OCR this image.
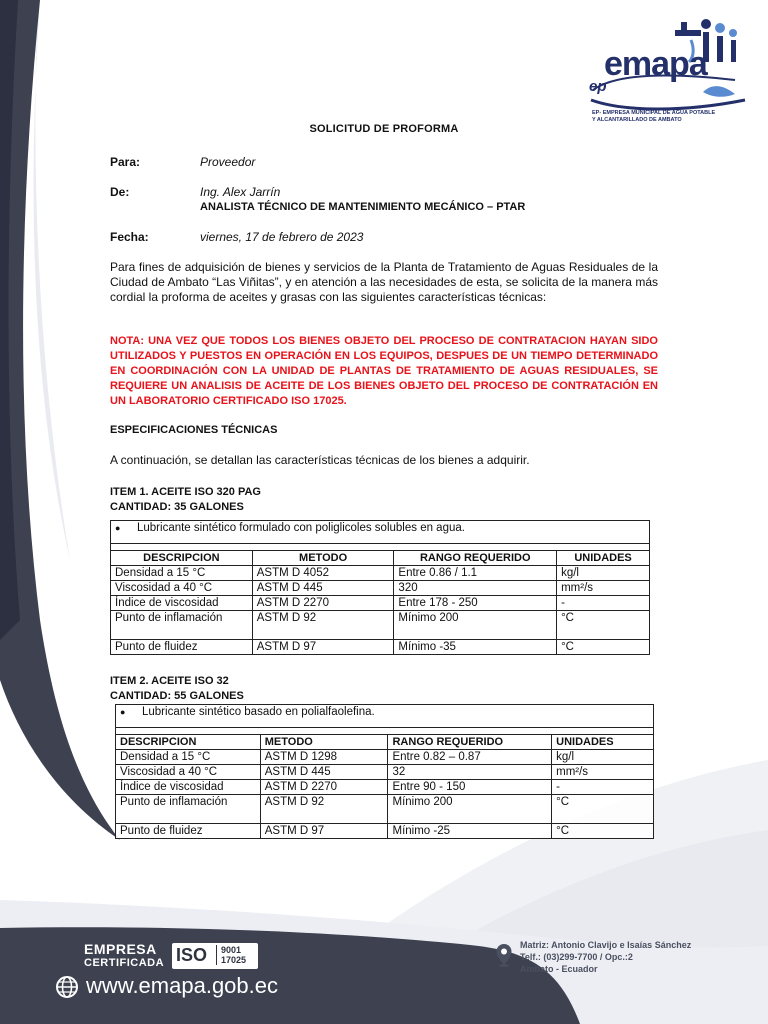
emapa
ep
EP- EMPRESA MUNICIPAL DE AGUA POTABLE
Y ALCANTARILLADO DE AMBATO
SOLICITUD DE PROFORMA
Para:	Proveedor
De:	Ing. Alex Jarrín
ANALISTA TÉCNICO DE MANTENIMIENTO MECÁNICO – PTAR
Fecha:	viernes, 17 de febrero de 2023
Para fines de adquisición de bienes y servicios de la Planta de Tratamiento de Aguas Residuales de la Ciudad de Ambato “Las Viñitas”, y en atención a las necesidades de esta, se solicita de la manera más cordial la proforma de aceites y grasas con las siguientes características técnicas:
NOTA: UNA VEZ QUE TODOS LOS BIENES OBJETO DEL PROCESO DE CONTRATACION HAYAN SIDO UTILIZADOS Y PUESTOS EN OPERACIÓN EN LOS EQUIPOS, DESPUES DE UN TIEMPO DETERMINADO EN COORDINACIÓN CON LA UNIDAD DE PLANTAS DE TRATAMIENTO DE AGUAS RESIDUALES, SE REQUIERE UN ANALISIS DE ACEITE DE LOS BIENES OBJETO DEL PROCESO DE CONTRATACIÓN EN UN LABORATORIO CERTIFICADO ISO 17025.
ESPECIFICACIONES TÉCNICAS
A continuación, se detallan las características técnicas de los bienes a adquirir.
ITEM 1. ACEITE ISO 320 PAG
CANTIDAD: 35 GALONES
● Lubricante sintético formulado con poliglicoles solubles en agua.			

DESCRIPCION	METODO	RANGO REQUERIDO	UNIDADES
Densidad a 15 °C	ASTM D 4052	Entre 0.86 / 1.1	kg/l
Viscosidad a 40 °C	ASTM D 445	320	mm²/s
Índice de viscosidad	ASTM D 2270	Entre 178 - 250	-
Punto de inflamación	ASTM D 92	Mínimo 200	°C
Punto de fluidez	ASTM D 97	Mínimo -35	°C
ITEM 2. ACEITE ISO 32
CANTIDAD: 55 GALONES
● Lubricante sintético basado en polialfaolefina.			

DESCRIPCION	METODO	RANGO REQUERIDO	UNIDADES
Densidad a 15 °C	ASTM D 1298	Entre 0.82 – 0.87	kg/l
Viscosidad a 40 °C	ASTM D 445	32	mm²/s
Índice de viscosidad	ASTM D 2270	Entre 90 - 150	-
Punto de inflamación	ASTM D 92	Mínimo 200	°C
Punto de fluidez	ASTM D 97	Mínimo -25	°C
EMPRESA
CERTIFICADA ISO	9001
17025
www.emapa.gob.ec
Matriz: Antonio Clavijo e Isaías Sánchez
Telf.: (03)299-7700 / Opc.:2
Ambato - Ecuador
